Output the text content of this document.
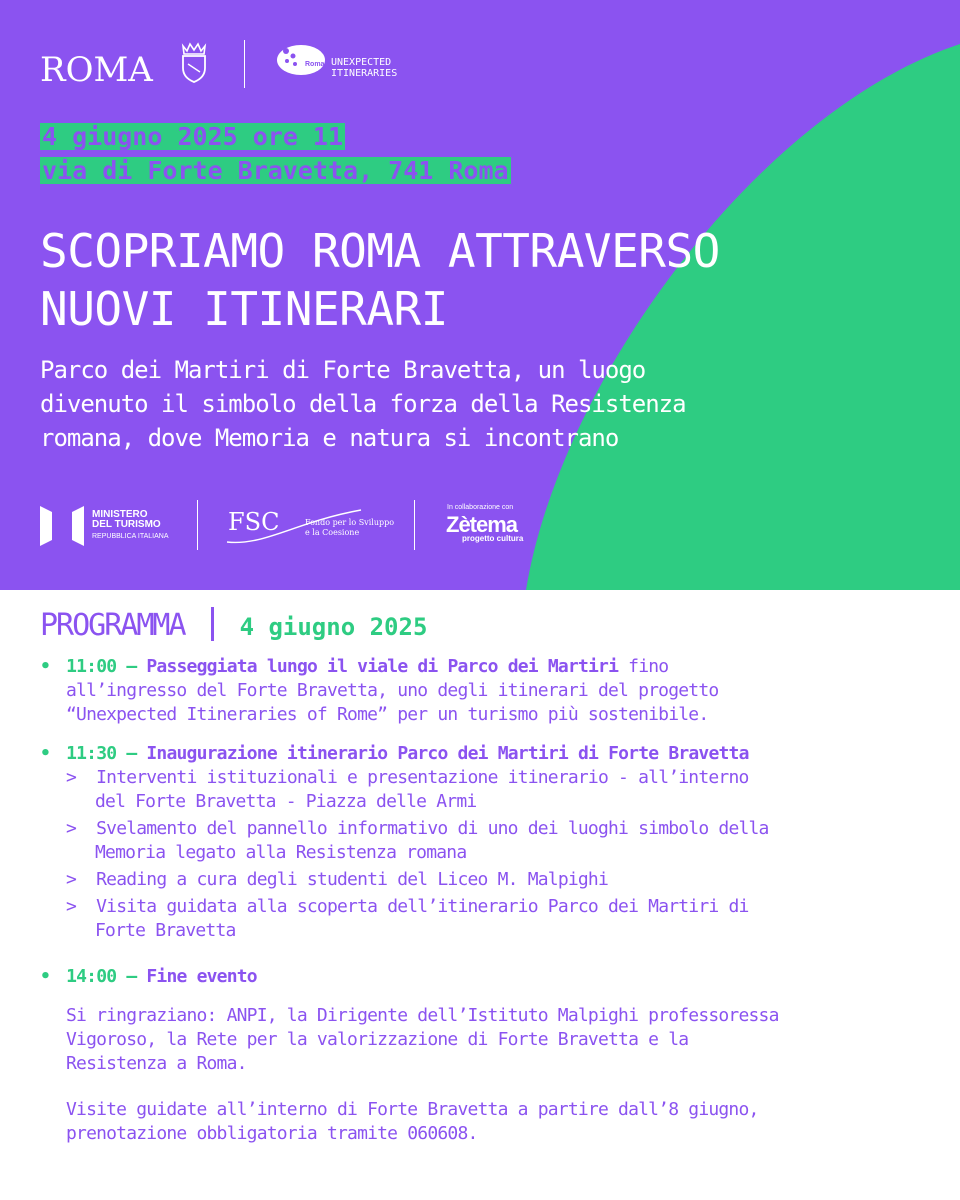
ROMA	Roma UNEXPECTED
ITINERARIES
4 giugno 2025 ore 11
via di Forte Bravetta, 741 Roma
SCOPRIAMO ROMA ATTRAVERSO
NUOVI ITINERARI
Parco dei Martiri di Forte Bravetta, un luogo
divenuto il simbolo della forza della Resistenza
romana, dove Memoria e natura si incontrano
MINISTERO
DEL TURISMO
REPUBBLICA ITALIANA
FSC	Fondo per lo Sviluppo
e la Coesione
In collaborazione con
Zètema
progetto cultura
PROGRAMMA 4 giugno 2025
• 11:00 — Passeggiata lungo il viale di Parco dei Martiri fino
all’ingresso del Forte Bravetta, uno degli itinerari del progetto
“Unexpected Itineraries of Rome” per un turismo più sostenibile.
• 11:30 — Inaugurazione itinerario Parco dei Martiri di Forte Bravetta
> Interventi istituzionali e presentazione itinerario - all’interno
del Forte Bravetta - Piazza delle Armi
> Svelamento del pannello informativo di uno dei luoghi simbolo della
Memoria legato alla Resistenza romana
> Reading a cura degli studenti del Liceo M. Malpighi
> Visita guidata alla scoperta dell’itinerario Parco dei Martiri di
Forte Bravetta
• 14:00 — Fine evento
Si ringraziano: ANPI, la Dirigente dell’Istituto Malpighi professoressa
Vigoroso, la Rete per la valorizzazione di Forte Bravetta e la
Resistenza a Roma.
Visite guidate all’interno di Forte Bravetta a partire dall’8 giugno,
prenotazione obbligatoria tramite 060608.
